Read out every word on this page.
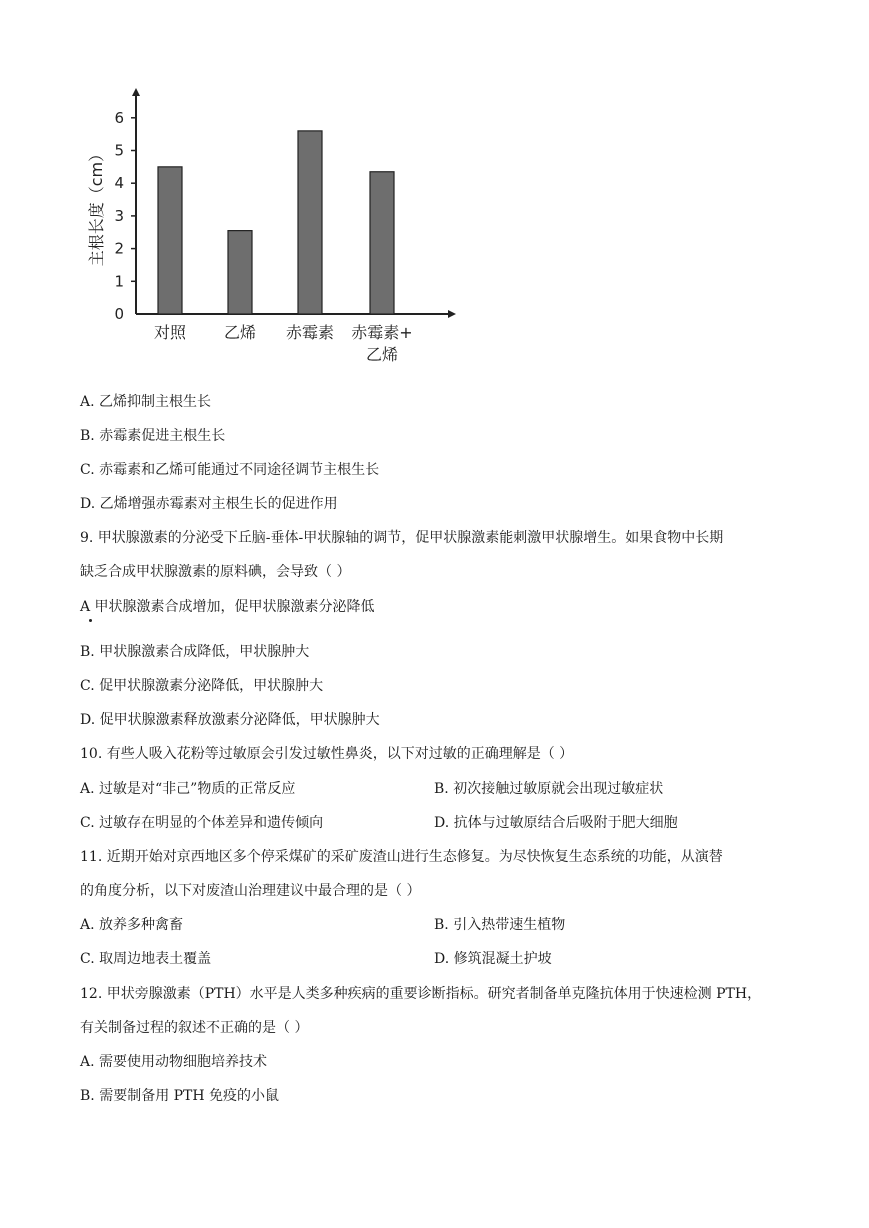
0
1
2
3
4
5
6
主根长度（cm）
对照 乙烯 赤霉素 赤霉素+乙烯
A. 乙烯抑制主根生长
B. 赤霉素促进主根生长
C. 赤霉素和乙烯可能通过不同途径调节主根生长
D. 乙烯增强赤霉素对主根生长的促进作用
9. 甲状腺激素的分泌受下丘脑-垂体-甲状腺轴的调节，促甲状腺激素能刺激甲状腺增生。如果食物中长期
缺乏合成甲状腺激素的原料碘，会导致（ ）
A 甲状腺激素合成增加，促甲状腺激素分泌降低
B. 甲状腺激素合成降低，甲状腺肿大
C. 促甲状腺激素分泌降低，甲状腺肿大
D. 促甲状腺激素释放激素分泌降低，甲状腺肿大
10. 有些人吸入花粉等过敏原会引发过敏性鼻炎，以下对过敏的正确理解是（ ）
A. 过敏是对“非己”物质的正常反应	B. 初次接触过敏原就会出现过敏症状
C. 过敏存在明显的个体差异和遗传倾向	D. 抗体与过敏原结合后吸附于肥大细胞
11. 近期开始对京西地区多个停采煤矿的采矿废渣山进行生态修复。为尽快恢复生态系统的功能，从演替
的角度分析，以下对废渣山治理建议中最合理的是（ ）
A. 放养多种禽畜	B. 引入热带速生植物
C. 取周边地表土覆盖	D. 修筑混凝土护坡
12. 甲状旁腺激素（PTH）水平是人类多种疾病的重要诊断指标。研究者制备单克隆抗体用于快速检测 PTH，
有关制备过程的叙述不正确的是（ ）
A. 需要使用动物细胞培养技术
B. 需要制备用 PTH 免疫的小鼠
